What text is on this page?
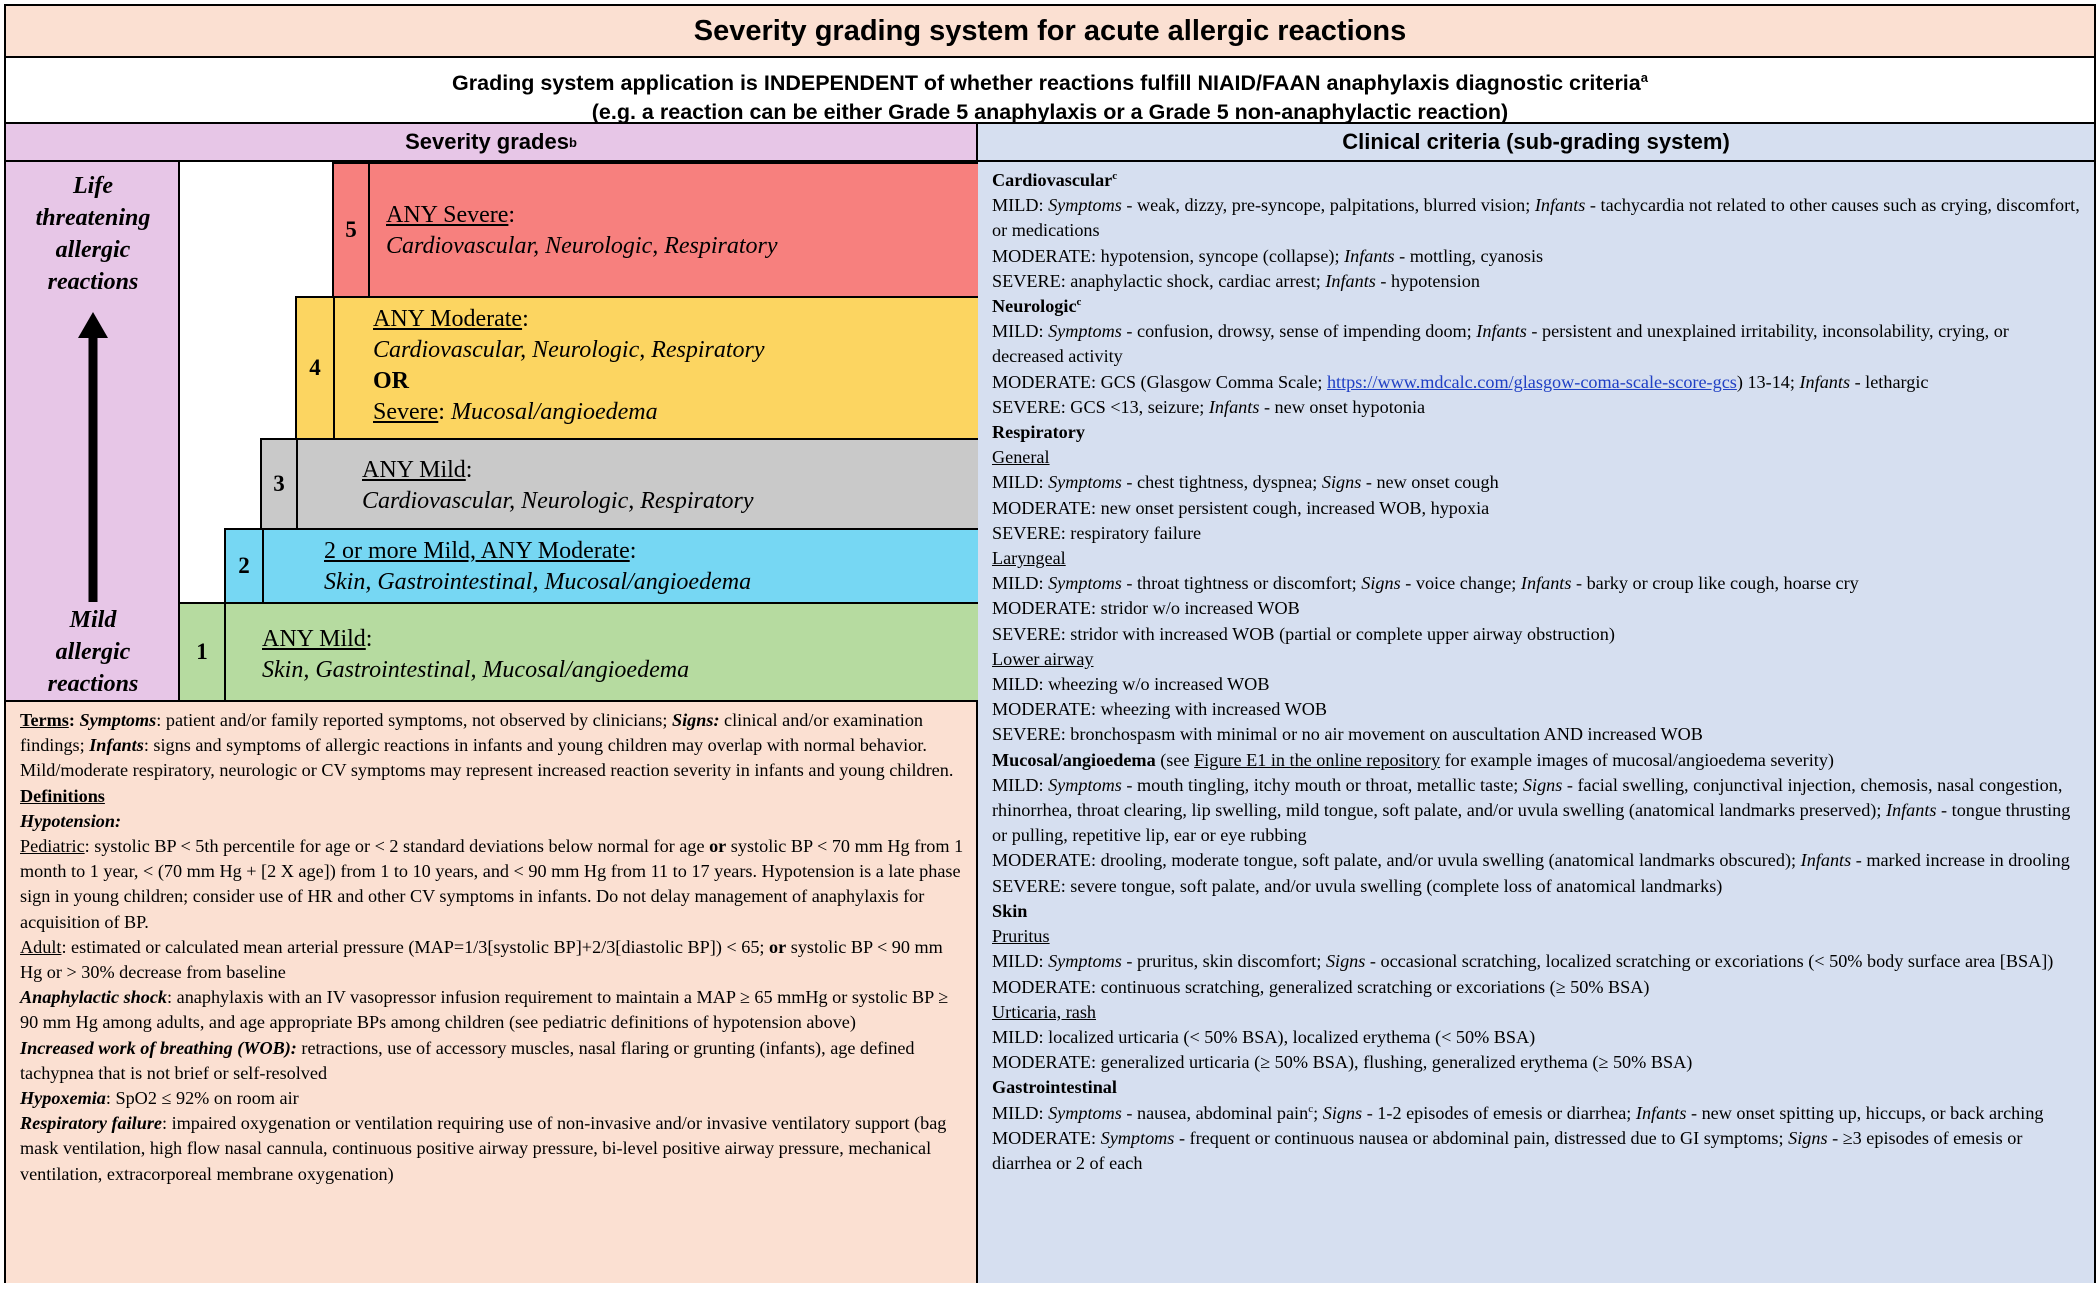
Severity grading system for acute allergic reactions
Grading system application is INDEPENDENT of whether reactions fulfill NIAID/FAAN anaphylaxis diagnostic criteria$^a$
(e.g. a reaction can be either Grade 5 anaphylaxis or a Grade 5 non-anaphylactic reaction)
Severity grades b	Clinical criteria (sub-grading system)
Life
threatening
allergic
reactions
Mild
allergic
reactions
5
ANY Severe:
Cardiovascular, Neurologic, Respiratory
4
ANY Moderate:
Cardiovascular, Neurologic, Respiratory
OR
Severe: Mucosal/angioedema
3
ANY Mild:
Cardiovascular, Neurologic, Respiratory
2
2 or more Mild, ANY Moderate:
Skin, Gastrointestinal, Mucosal/angioedema
1	ANY Mild:
Skin, Gastrointestinal, Mucosal/angioedema

Terms: Symptoms: patient and/or family reported symptoms, not observed by clinicians; Signs: clinical and/or examination findings; Infants: signs and symptoms of allergic reactions in infants and young children may overlap with normal behavior. Mild/moderate respiratory, neurologic or CV symptoms may represent increased reaction severity in infants and young children.

Definitions

Hypotension:

Pediatric: systolic BP < 5th percentile for age or < 2 standard deviations below normal for age or systolic BP < 70 mm Hg from 1 month to 1 year, < (70 mm Hg + [2 X age]) from 1 to 10 years, and < 90 mm Hg from 11 to 17 years. Hypotension is a late phase sign in young children; consider use of HR and other CV symptoms in infants. Do not delay management of anaphylaxis for acquisition of BP.

Adult: estimated or calculated mean arterial pressure (MAP=1/3[systolic BP]+2/3[diastolic BP]) < 65; or systolic BP < 90 mm Hg or > 30% decrease from baseline

Anaphylactic shock: anaphylaxis with an IV vasopressor infusion requirement to maintain a MAP ≥ 65 mmHg or systolic BP ≥ 90 mm Hg among adults, and age appropriate BPs among children (see pediatric definitions of hypotension above)

Increased work of breathing (WOB): retractions, use of accessory muscles, nasal flaring or grunting (infants), age defined tachypnea that is not brief or self-resolved

Hypoxemia: SpO2 ≤ 92% on room air

Respiratory failure: impaired oxygenation or ventilation requiring use of non-invasive and/or invasive ventilatory support (bag mask ventilation, high flow nasal cannula, continuous positive airway pressure, bi-level positive airway pressure, mechanical ventilation, extracorporeal membrane oxygenation)

Cardiovascular$^c$

MILD: Symptoms - weak, dizzy, pre-syncope, palpitations, blurred vision; Infants - tachycardia not related to other causes such as crying, discomfort, or medications

MODERATE: hypotension, syncope (collapse); Infants - mottling, cyanosis

SEVERE: anaphylactic shock, cardiac arrest; Infants - hypotension

Neurologic$^c$

MILD: Symptoms - confusion, drowsy, sense of impending doom; Infants - persistent and unexplained irritability, inconsolability, crying, or decreased activity

MODERATE: GCS (Glasgow Comma Scale; https://www.mdcalc.com/glasgow-coma-scale-score-gcs) 13-14; Infants - lethargic

SEVERE: GCS <13, seizure; Infants - new onset hypotonia

Respiratory

General

MILD: Symptoms - chest tightness, dyspnea; Signs - new onset cough

MODERATE: new onset persistent cough, increased WOB, hypoxia

SEVERE: respiratory failure

Laryngeal

MILD: Symptoms - throat tightness or discomfort; Signs - voice change; Infants - barky or croup like cough, hoarse cry

MODERATE: stridor w/o increased WOB

SEVERE: stridor with increased WOB (partial or complete upper airway obstruction)

Lower airway

MILD: wheezing w/o increased WOB

MODERATE: wheezing with increased WOB

SEVERE: bronchospasm with minimal or no air movement on auscultation AND increased WOB

Mucosal/angioedema (see Figure E1 in the online repository for example images of mucosal/angioedema severity)

MILD: Symptoms - mouth tingling, itchy mouth or throat, metallic taste; Signs - facial swelling, conjunctival injection, chemosis, nasal congestion, rhinorrhea, throat clearing, lip swelling, mild tongue, soft palate, and/or uvula swelling (anatomical landmarks preserved); Infants - tongue thrusting or pulling, repetitive lip, ear or eye rubbing

MODERATE: drooling, moderate tongue, soft palate, and/or uvula swelling (anatomical landmarks obscured); Infants - marked increase in drooling

SEVERE: severe tongue, soft palate, and/or uvula swelling (complete loss of anatomical landmarks)

Skin

Pruritus

MILD: Symptoms - pruritus, skin discomfort; Signs - occasional scratching, localized scratching or excoriations (< 50% body surface area [BSA])

MODERATE: continuous scratching, generalized scratching or excoriations (≥ 50% BSA)

Urticaria, rash

MILD: localized urticaria (< 50% BSA), localized erythema (< 50% BSA)

MODERATE: generalized urticaria (≥ 50% BSA), flushing, generalized erythema (≥ 50% BSA)

Gastrointestinal

MILD: Symptoms - nausea, abdominal pain$^c$; Signs - 1-2 episodes of emesis or diarrhea; Infants - new onset spitting up, hiccups, or back arching

MODERATE: Symptoms - frequent or continuous nausea or abdominal pain, distressed due to GI symptoms; Signs - ≥3 episodes of emesis or diarrhea or 2 of each
